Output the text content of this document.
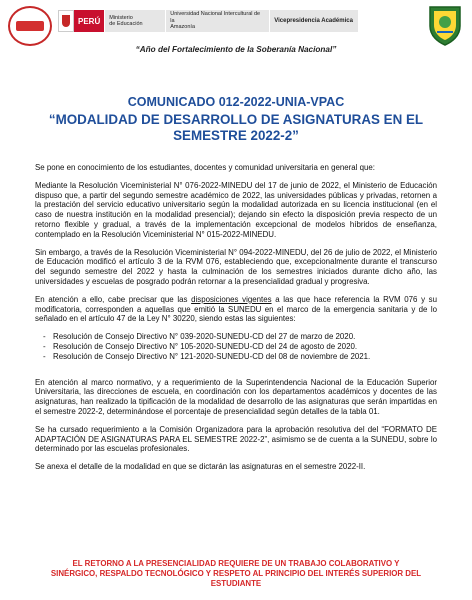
PERÚ	Ministerio
de Educación
Universidad Nacional Intercultural de la
Amazonía
Vicepresidencia Académica
“Año del Fortalecimiento de la Soberanía Nacional”
COMUNICADO 012-2022-UNIA-VPAC
“MODALIDAD DE DESARROLLO DE ASIGNATURAS EN EL SEMESTRE 2022-2”

Se pone en conocimiento de los estudiantes, docentes y comunidad universitaria en general que:

Mediante la Resolución Viceministerial N° 076-2022-MINEDU del 17 de junio de 2022, el Ministerio de Educación dispuso que, a partir del segundo semestre académico de 2022, las universidades públicas y privadas, retornen a la prestación del servicio educativo universitario según la modalidad autorizada en su licencia institucional (en el caso de nuestra institución en la modalidad presencial); dejando sin efecto la disposición previa respecto de un retorno flexible y gradual, a través de la implementación excepcional de modelos híbridos de enseñanza, contemplado en la Resolución Viceministerial N° 015-2022-MINEDU.

Sin embargo, a través de la Resolución Viceministerial N° 094-2022-MINEDU, del 26 de julio de 2022, el Ministerio de Educación modificó el artículo 3 de la RVM 076, estableciendo que, excepcionalmente durante el transcurso del segundo semestre del 2022 y hasta la culminación de los semestres iniciados durante dicho año, las universidades y escuelas de posgrado podrán retornar a la presencialidad gradual y progresiva.

En atención a ello, cabe precisar que las disposiciones vigentes a las que hace referencia la RVM 076 y su modificatoria, corresponden a aquellas que emitió la SUNEDU en el marco de la emergencia sanitaria y de lo señalado en el artículo 47 de la Ley N° 30220, siendo estas las siguientes:

- Resolución de Consejo Directivo N° 039-2020-SUNEDU-CD del 27 de marzo de 2020.
- Resolución de Consejo Directivo N° 105-2020-SUNEDU-CD del 24 de agosto de 2020.
- Resolución de Consejo Directivo N° 121-2020-SUNEDU-CD del 08 de noviembre de 2021.

En atención al marco normativo, y a requerimiento de la Superintendencia Nacional de la Educación Superior Universitaria, las direcciones de escuela, en coordinación con los departamentos académicos y docentes de las asignaturas, han realizado la tipificación de la modalidad de desarrollo de las asignaturas que serán impartidas en el semestre 2022-2, determinándose el porcentaje de presencialidad según detalles de la tabla 01.

Se ha cursado requerimiento a la Comisión Organizadora para la aprobación resolutiva del del “FORMATO DE ADAPTACIÓN DE ASIGNATURAS PARA EL SEMESTRE 2022-2”, asimismo se de cuenta a la SUNEDU, sobre lo determinado por las escuelas profesionales.

Se anexa el detalle de la modalidad en que se dictarán las asignaturas en el semestre 2022-II.

EL RETORNO A LA PRESENCIALIDAD REQUIERE DE UN TRABAJO COLABORATIVO Y SINÉRGICO, RESPALDO TECNOLÓGICO Y RESPETO AL PRINCIPIO DEL INTERÉS SUPERIOR DEL ESTUDIANTE
